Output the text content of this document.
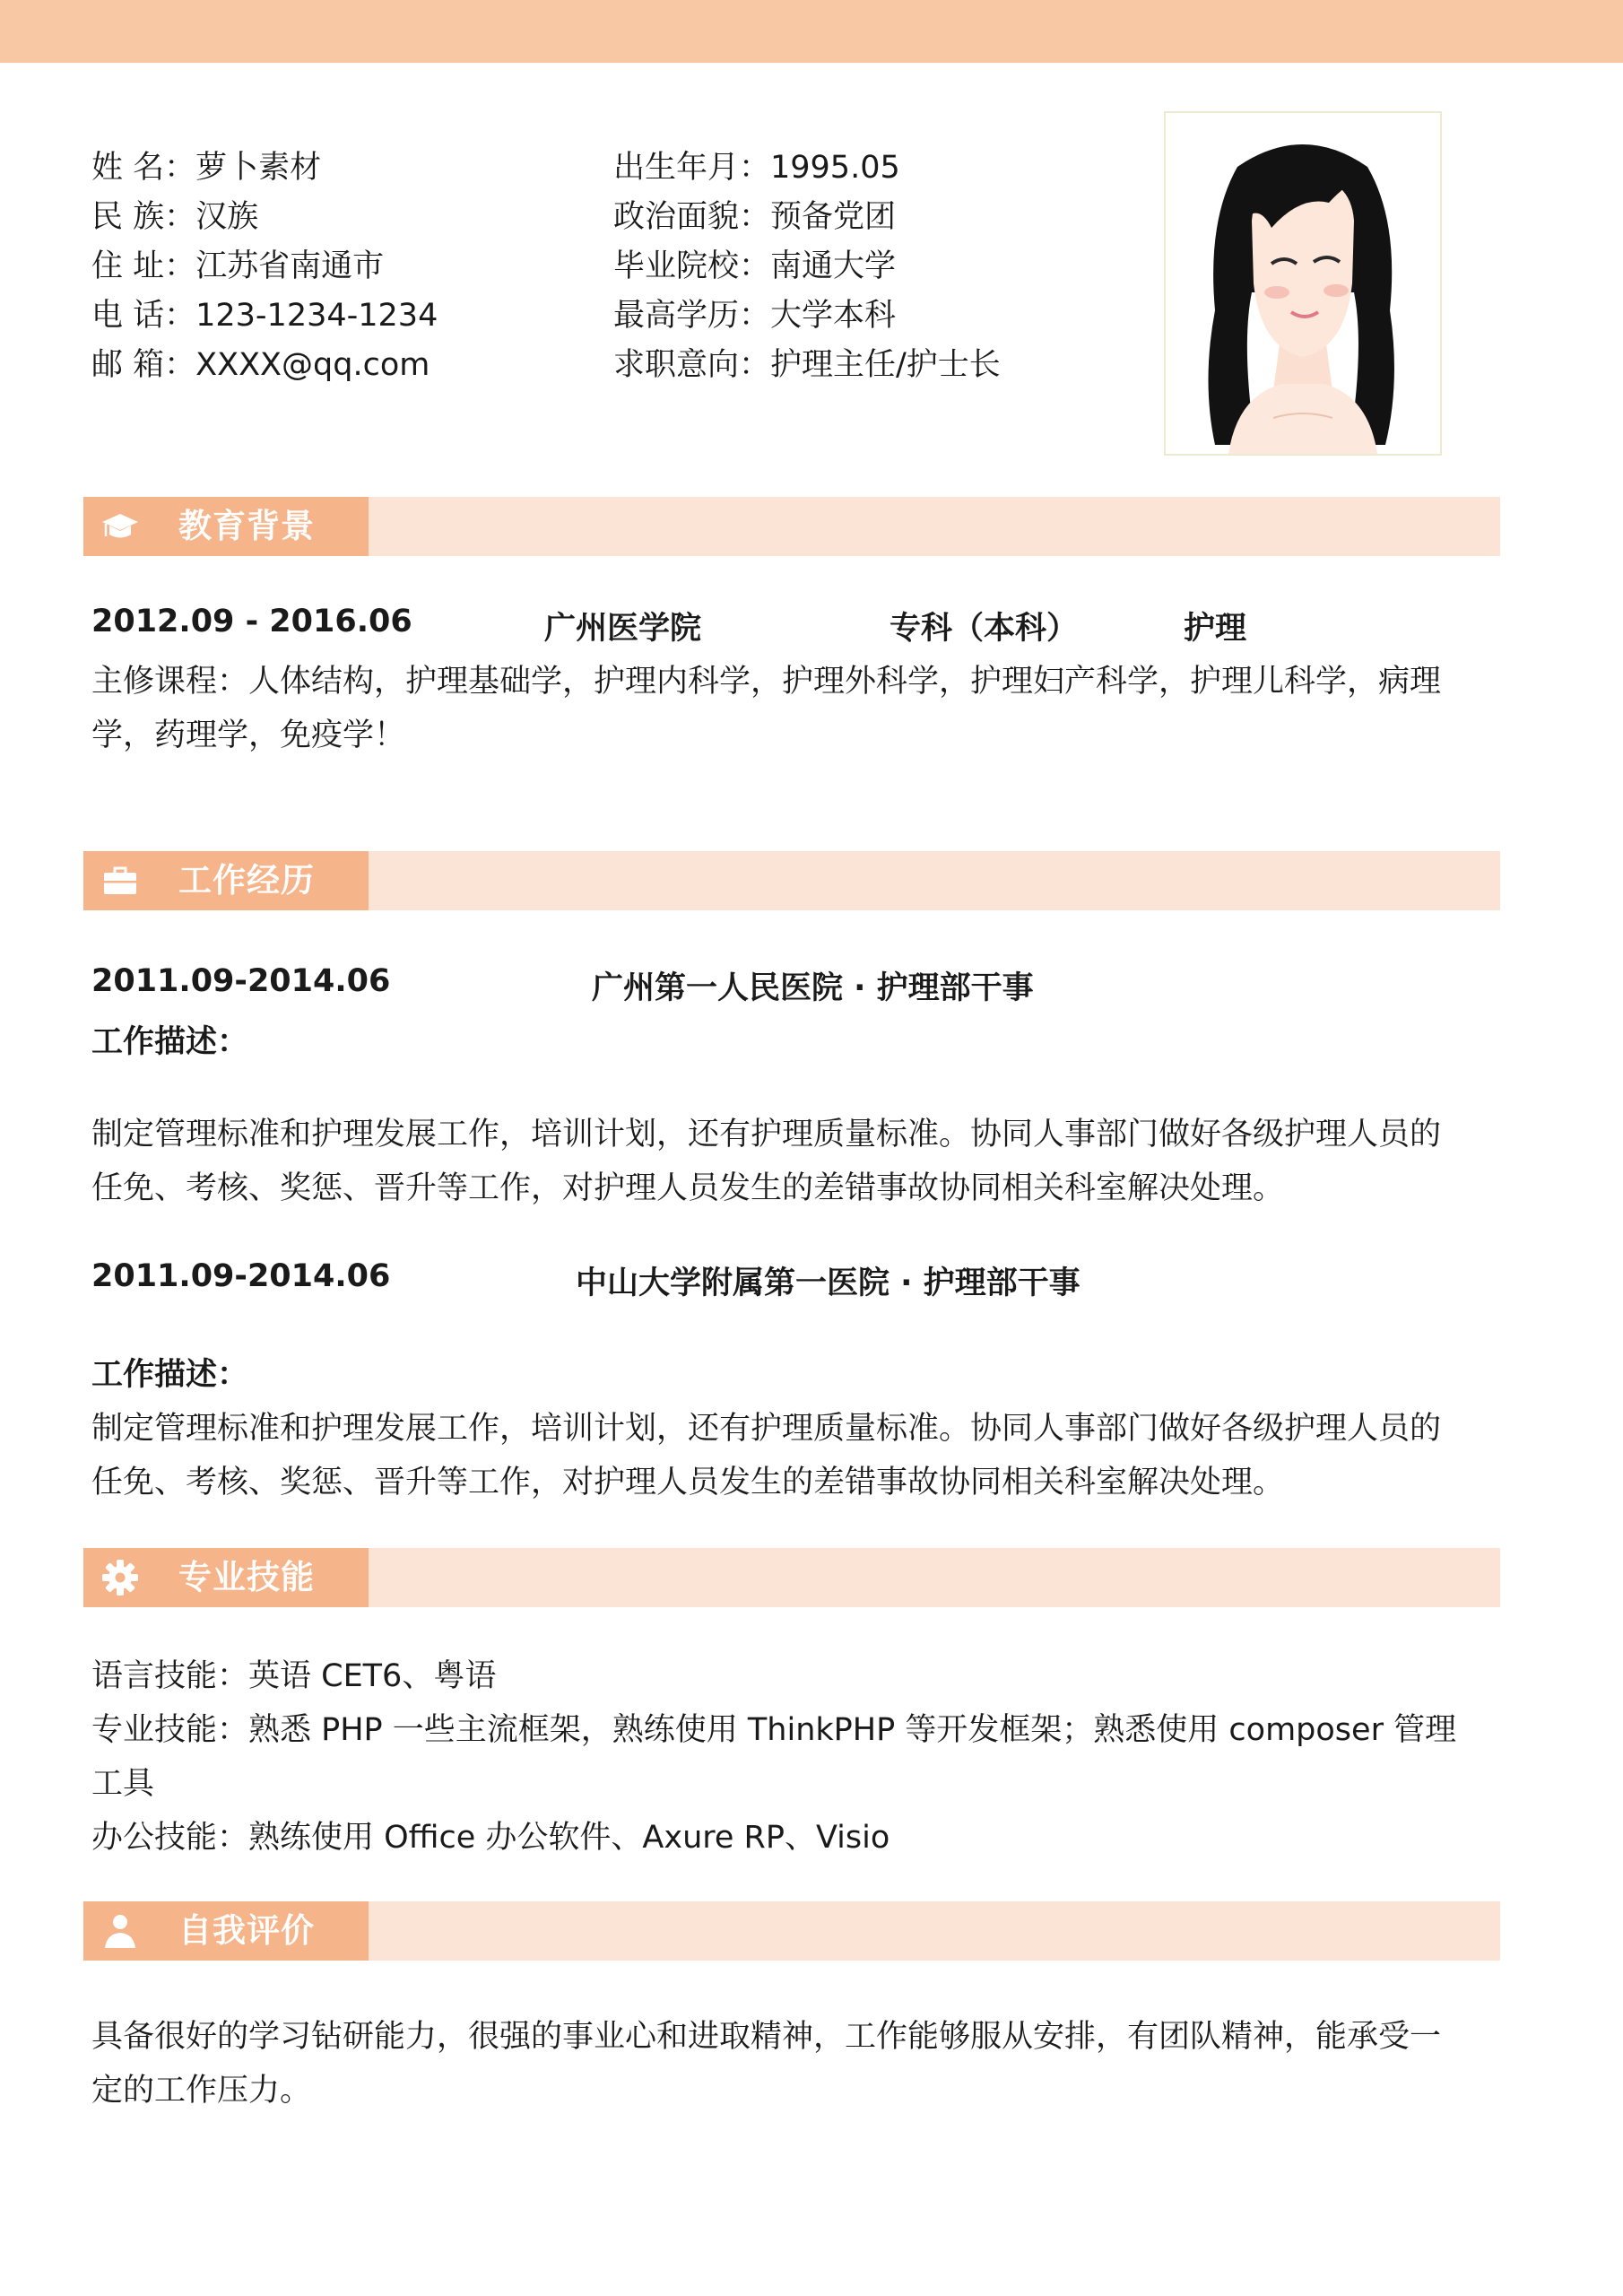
姓 名：萝卜素材
民 族：汉族
住 址：江苏省南通市
电 话：123-1234-1234
邮 箱：XXXX@qq.com
出生年月：1995.05
政治面貌：预备党团
毕业院校：南通大学
最高学历：大学本科
求职意向：护理主任/护士长
教育背景
2012.09 - 2016.06	广州医学院	专科（本科）	护理
主修课程：人体结构，护理基础学，护理内科学，护理外科学，护理妇产科学，护理儿科学，病理
学，药理学，免疫学！
工作经历
2011.09-2014.06	广州第一人民医院 · 护理部干事
工作描述：
制定管理标准和护理发展工作，培训计划，还有护理质量标准。协同人事部门做好各级护理人员的
任免、考核、奖惩、晋升等工作，对护理人员发生的差错事故协同相关科室解决处理。
2011.09-2014.06	中山大学附属第一医院 · 护理部干事
工作描述：
制定管理标准和护理发展工作，培训计划，还有护理质量标准。协同人事部门做好各级护理人员的
任免、考核、奖惩、晋升等工作，对护理人员发生的差错事故协同相关科室解决处理。
专业技能
语言技能：英语 CET6、粤语
专业技能：熟悉 PHP 一些主流框架，熟练使用 ThinkPHP 等开发框架；熟悉使用 composer 管理
工具
办公技能：熟练使用 Office 办公软件、Axure RP、Visio
自我评价
具备很好的学习钻研能力，很强的事业心和进取精神，工作能够服从安排，有团队精神，能承受一
定的工作压力。
